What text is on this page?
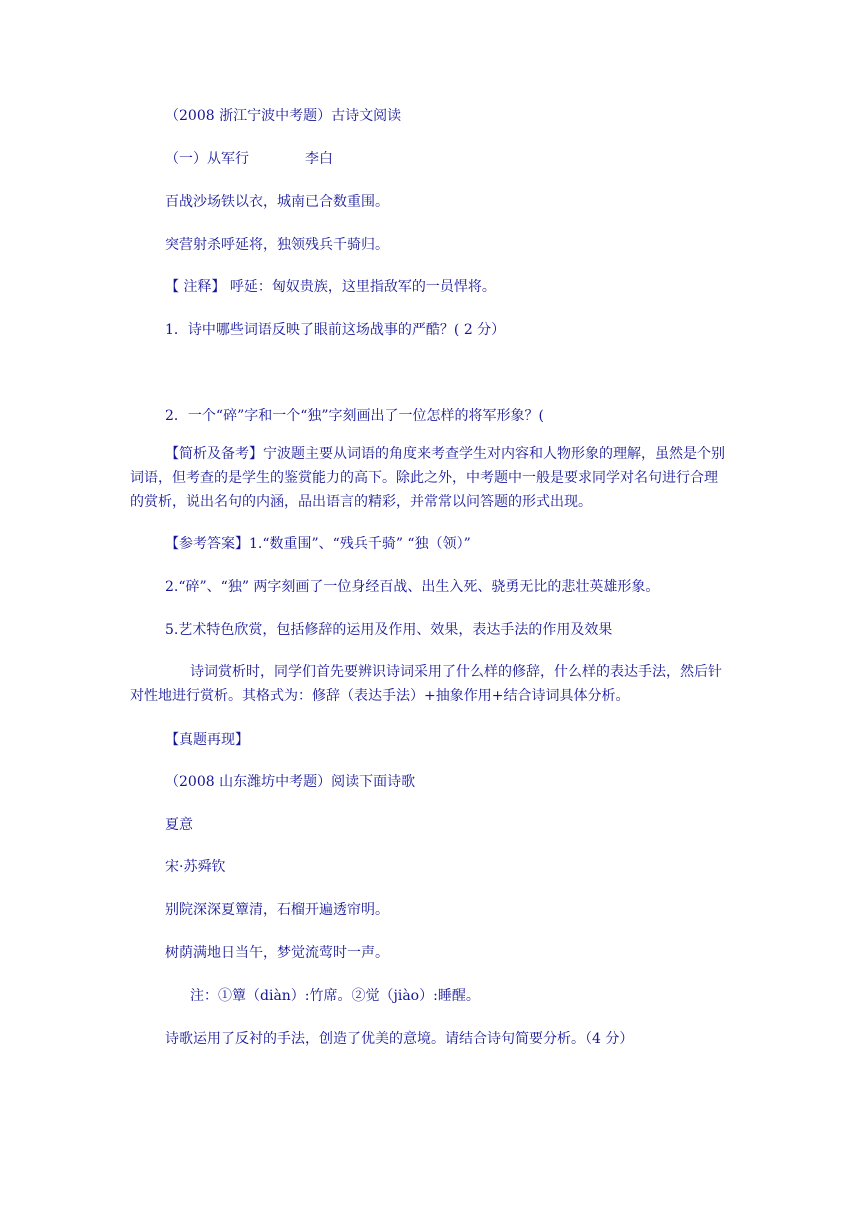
（2008 浙江宁波中考题）古诗文阅读
（一）从军行	李白
百战沙场铁以衣，城南已合数重围。
突营射杀呼延将，独领残兵千骑归。
【 注释】 呼延：匈奴贵族，这里指敌军的一员悍将。
1．诗中哪些词语反映了眼前这场战事的严酷？( 2 分）
2．一个“碎”字和一个“独”字刻画出了一位怎样的将军形象？(
【简析及备考】宁波题主要从词语的角度来考查学生对内容和人物形象的理解，虽然是个别词语，但考查的是学生的鉴赏能力的高下。除此之外，中考题中一般是要求同学对名句进行合理的赏析，说出名句的内涵，品出语言的精彩，并常常以问答题的形式出现。
【参考答案】1.“数重围”、“残兵千骑” “独（领）”
2.“碎”、“独” 两字刻画了一位身经百战、出生入死、骁勇无比的悲壮英雄形象。
5.艺术特色欣赏，包括修辞的运用及作用、效果，表达手法的作用及效果
诗词赏析时，同学们首先要辨识诗词采用了什么样的修辞，什么样的表达手法，然后针对性地进行赏析。其格式为：修辞（表达手法）+抽象作用+结合诗词具体分析。
【真题再现】
（2008 山东潍坊中考题）阅读下面诗歌
夏意
宋·苏舜钦
别院深深夏簟清，石榴开遍透帘明。
树荫满地日当午，梦觉流莺时一声。
注：①簟（diàn）:竹席。②觉（jiào）:睡醒。
诗歌运用了反衬的手法，创造了优美的意境。请结合诗句简要分析。（4 分）
